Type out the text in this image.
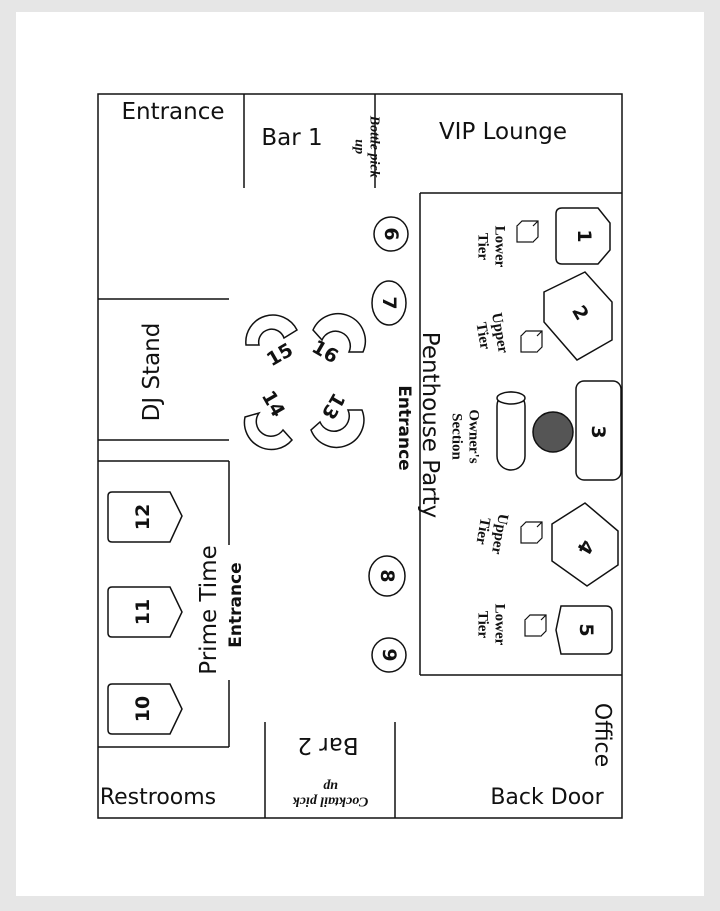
1
2
3
4
5
6
7
8
9
10
11
12
13
14
15 16
Entrance
Bar 1	VIP Lounge
Restrooms	Back Door
DJ Stand
Prime Time Entrance
Penthouse Party
Entrance
Office
Bar 2
Bottle pick up
Cocktail pick up
Owner's Section
Lower Tier
Upper Tier
Upper Tier
Lower Tier
